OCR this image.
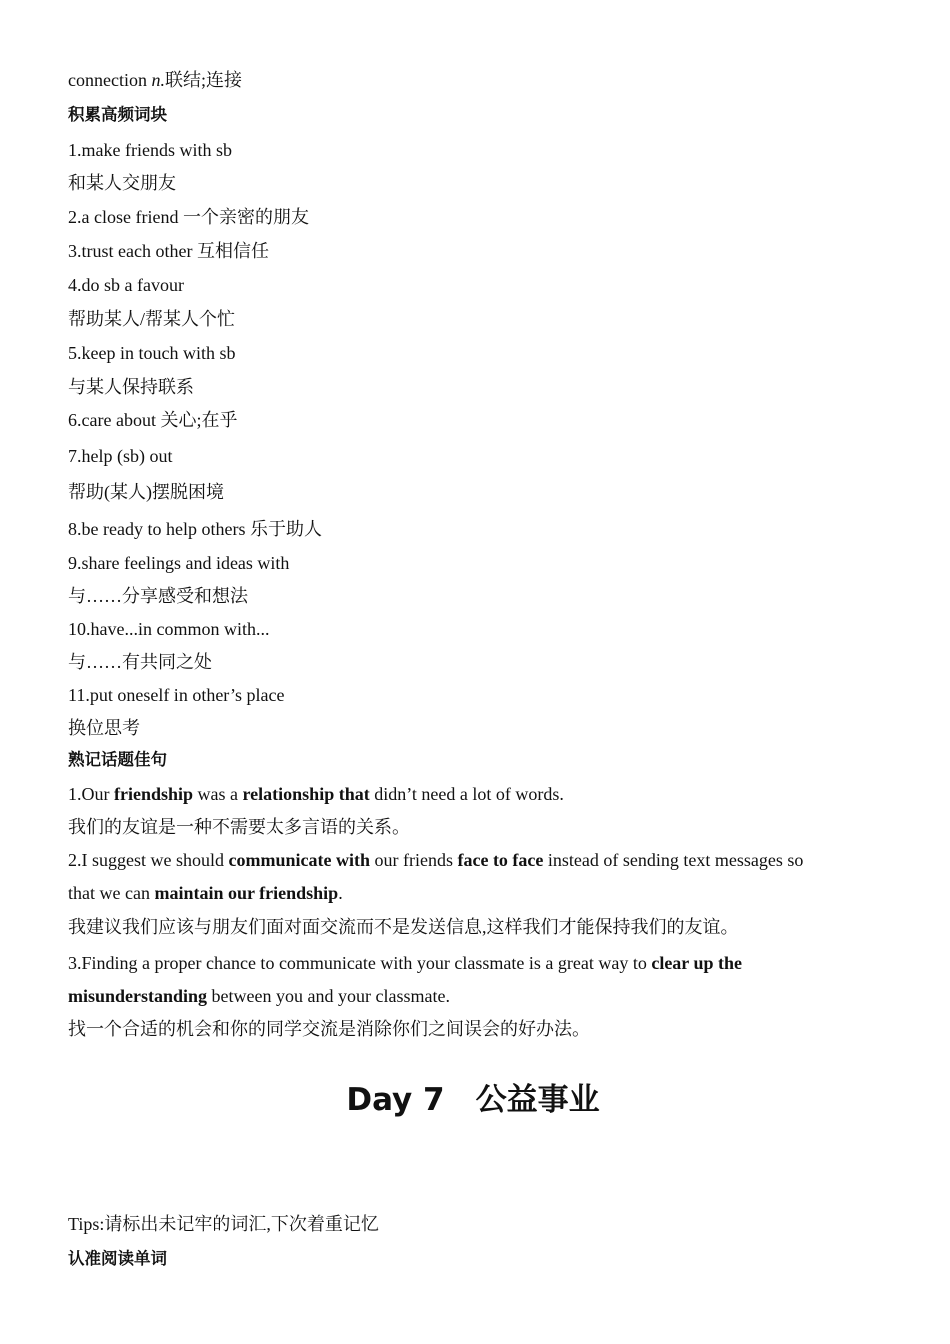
connection n.联结;连接
积累高频词块
1.make friends with sb
和某人交朋友
2.a close friend 一个亲密的朋友
3.trust each other 互相信任
4.do sb a favour
帮助某人/帮某人个忙
5.keep in touch with sb
与某人保持联系
6.care about 关心;在乎
7.help (sb) out
帮助(某人)摆脱困境
8.be ready to help others 乐于助人
9.share feelings and ideas with
与……分享感受和想法
10.have...in common with...
与……有共同之处
11.put oneself in other’s place
换位思考
熟记话题佳句
1.Our friendship was a relationship that didn’t need a lot of words.
我们的友谊是一种不需要太多言语的关系。
2.I suggest we should communicate with our friends face to face instead of sending text messages so
that we can maintain our friendship.
我建议我们应该与朋友们面对面交流而不是发送信息,这样我们才能保持我们的友谊。
3.Finding a proper chance to communicate with your classmate is a great way to clear up the
misunderstanding between you and your classmate.
找一个合适的机会和你的同学交流是消除你们之间误会的好办法。
Day 7　公益事业
Tips:请标出未记牢的词汇,下次着重记忆
认准阅读单词
